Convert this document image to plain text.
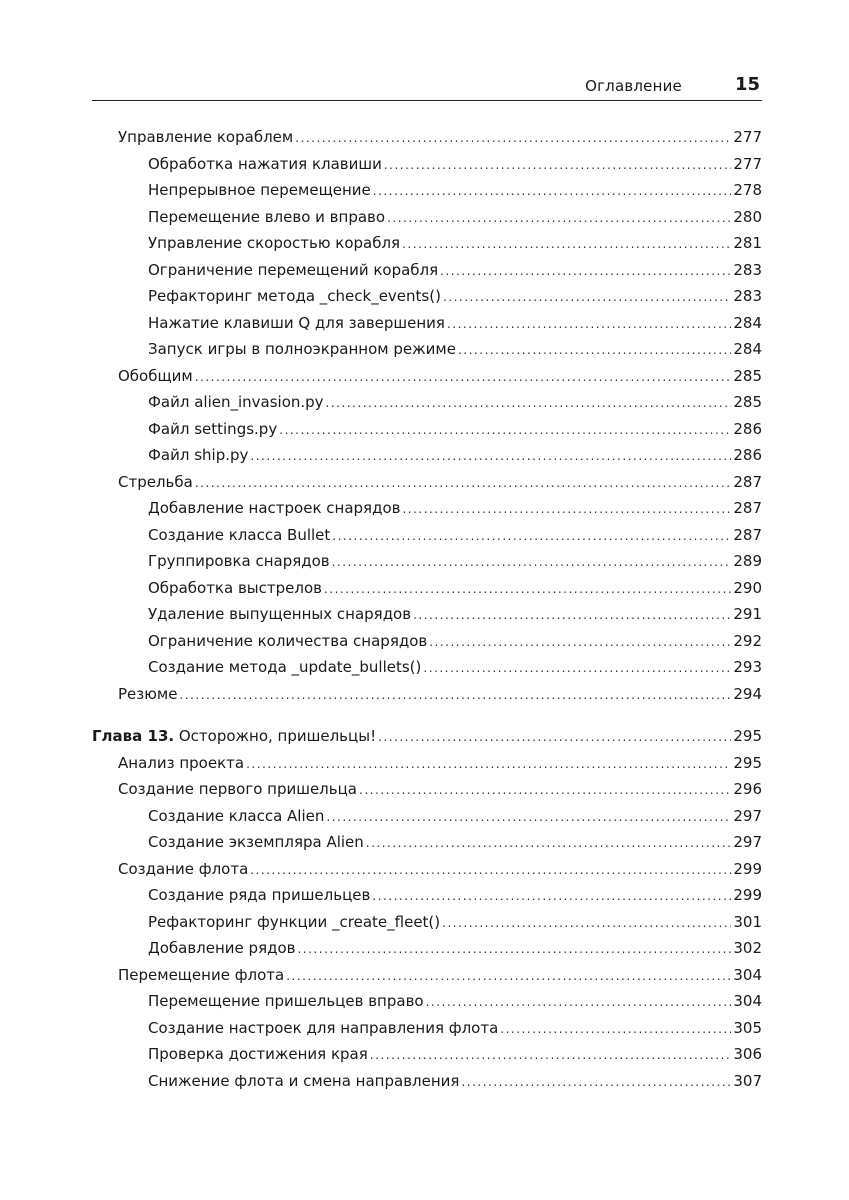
Оглавление	15
Управление кораблем .....	277
Обработка нажатия клавиши .....	277
Непрерывное перемещение .....	278
Перемещение влево и вправо .....	280
Управление скоростью корабля .....	281
Ограничение перемещений корабля .....	283
Рефакторинг метода _check_events() .....	283
Нажатие клавиши Q для завершения .....	284
Запуск игры в полноэкранном режиме .....	284
Обобщим .....	285
Файл alien_invasion.py .....	285
Файл settings.py .....	286
Файл ship.py .....	286
Стрельба .....	287
Добавление настроек снарядов .....	287
Создание класса Bullet .....	287
Группировка снарядов .....	289
Обработка выстрелов .....	290
Удаление выпущенных снарядов .....	291
Ограничение количества снарядов .....	292
Создание метода _update_bullets() .....	293
Резюме .....	294
Глава 13. Осторожно, пришельцы! .....	295
Анализ проекта .....	295
Создание первого пришельца .....	296
Создание класса Alien .....	297
Создание экземпляра Alien .....	297
Создание флота .....	299
Создание ряда пришельцев .....	299
Рефакторинг функции _create_fleet() .....	301
Добавление рядов .....	302
Перемещение флота .....	304
Перемещение пришельцев вправо .....	304
Создание настроек для направления флота .....	305
Проверка достижения края .....	306
Снижение флота и смена направления .....	307
